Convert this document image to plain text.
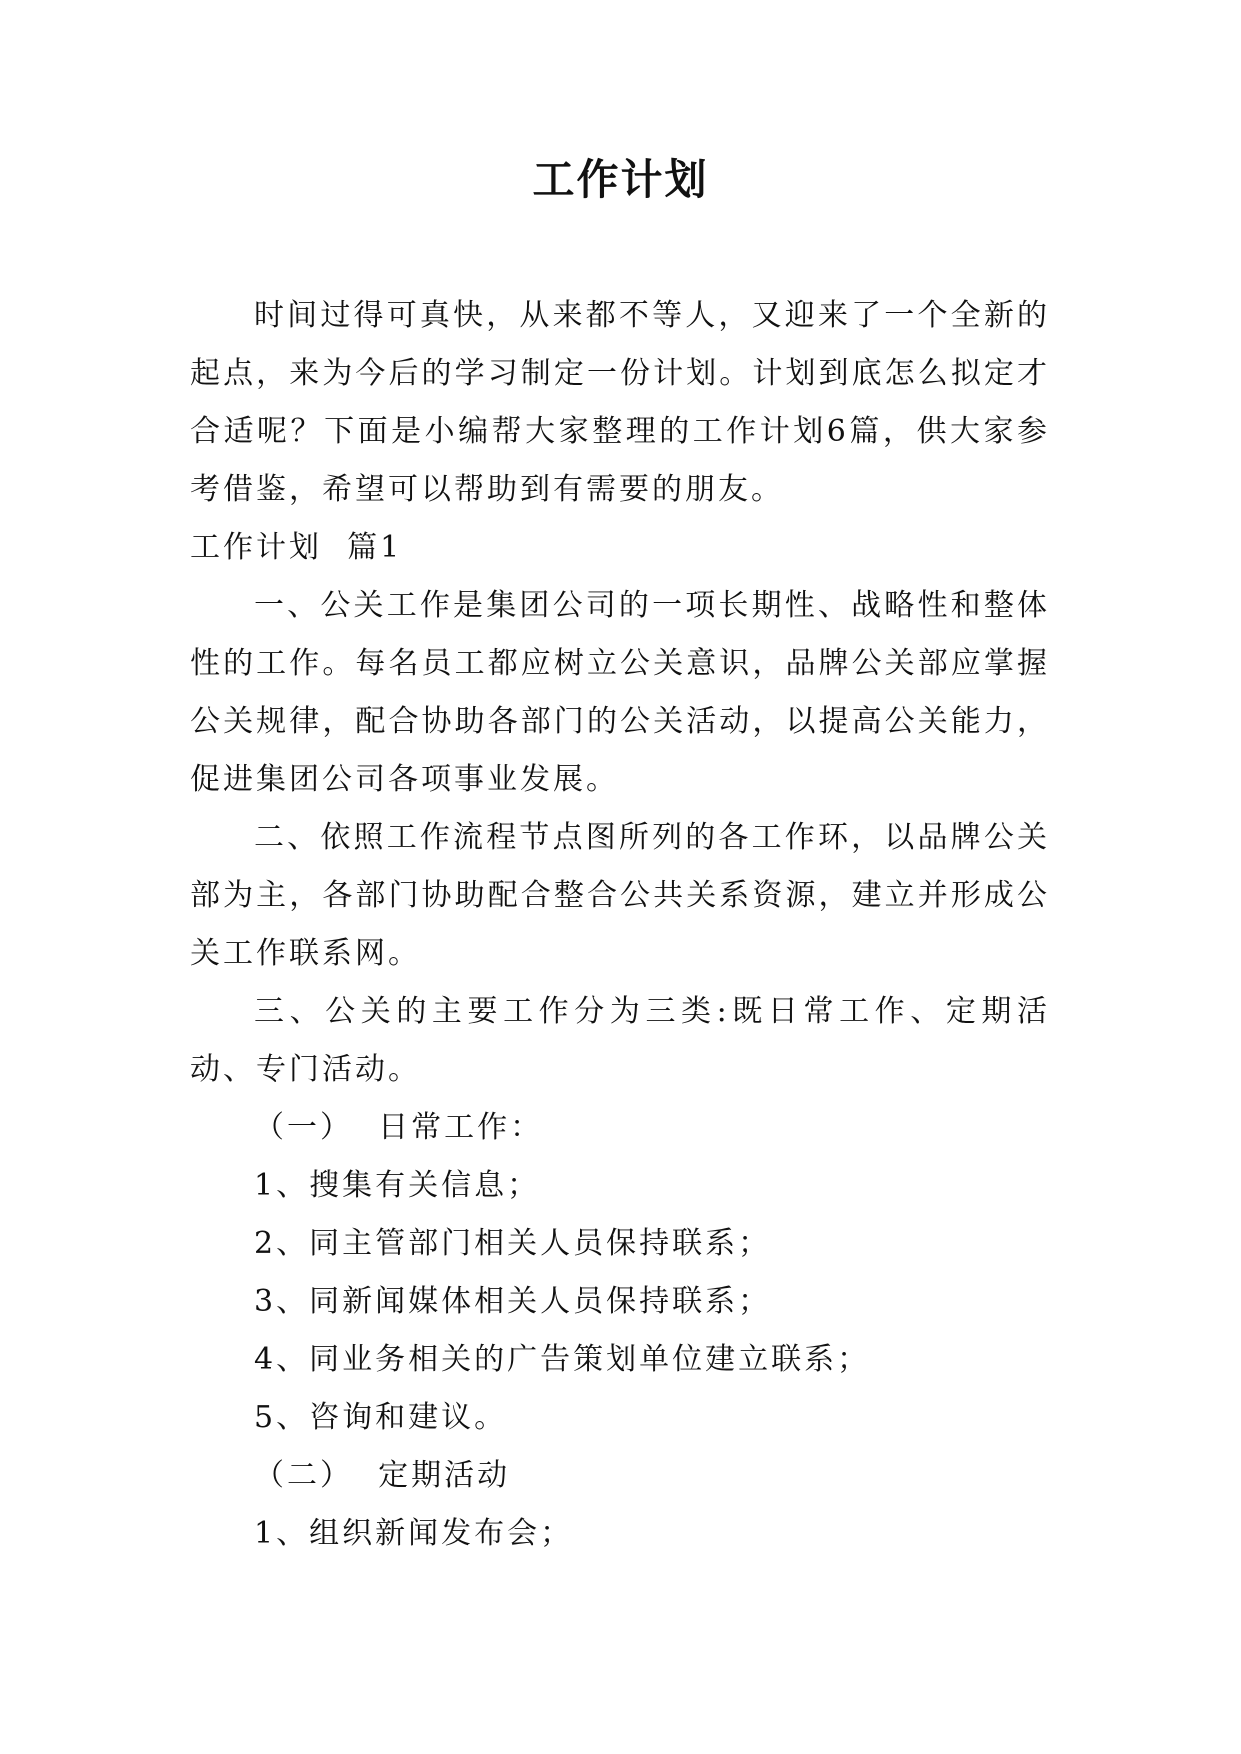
工作计划

时间过得可真快，从来都不等人，又迎来了一个全新的起点，来为今后的学习制定一份计划。计划到底怎么拟定才合适呢？下面是小编帮大家整理的工作计划6篇，供大家参考借鉴，希望可以帮助到有需要的朋友。

工作计划  篇1

一、公关工作是集团公司的一项长期性、战略性和整体性的工作。每名员工都应树立公关意识，品牌公关部应掌握公关规律，配合协助各部门的公关活动，以提高公关能力，促进集团公司各项事业发展。

二、依照工作流程节点图所列的各工作环，以品牌公关部为主，各部门协助配合整合公共关系资源，建立并形成公关工作联系网。

三、公关的主要工作分为三类:既日常工作、定期活动、专门活动。

（一）  日常工作：

1、搜集有关信息；

2、同主管部门相关人员保持联系；

3、同新闻媒体相关人员保持联系；

4、同业务相关的广告策划单位建立联系；

5、咨询和建议。

（二）  定期活动

1、组织新闻发布会；
